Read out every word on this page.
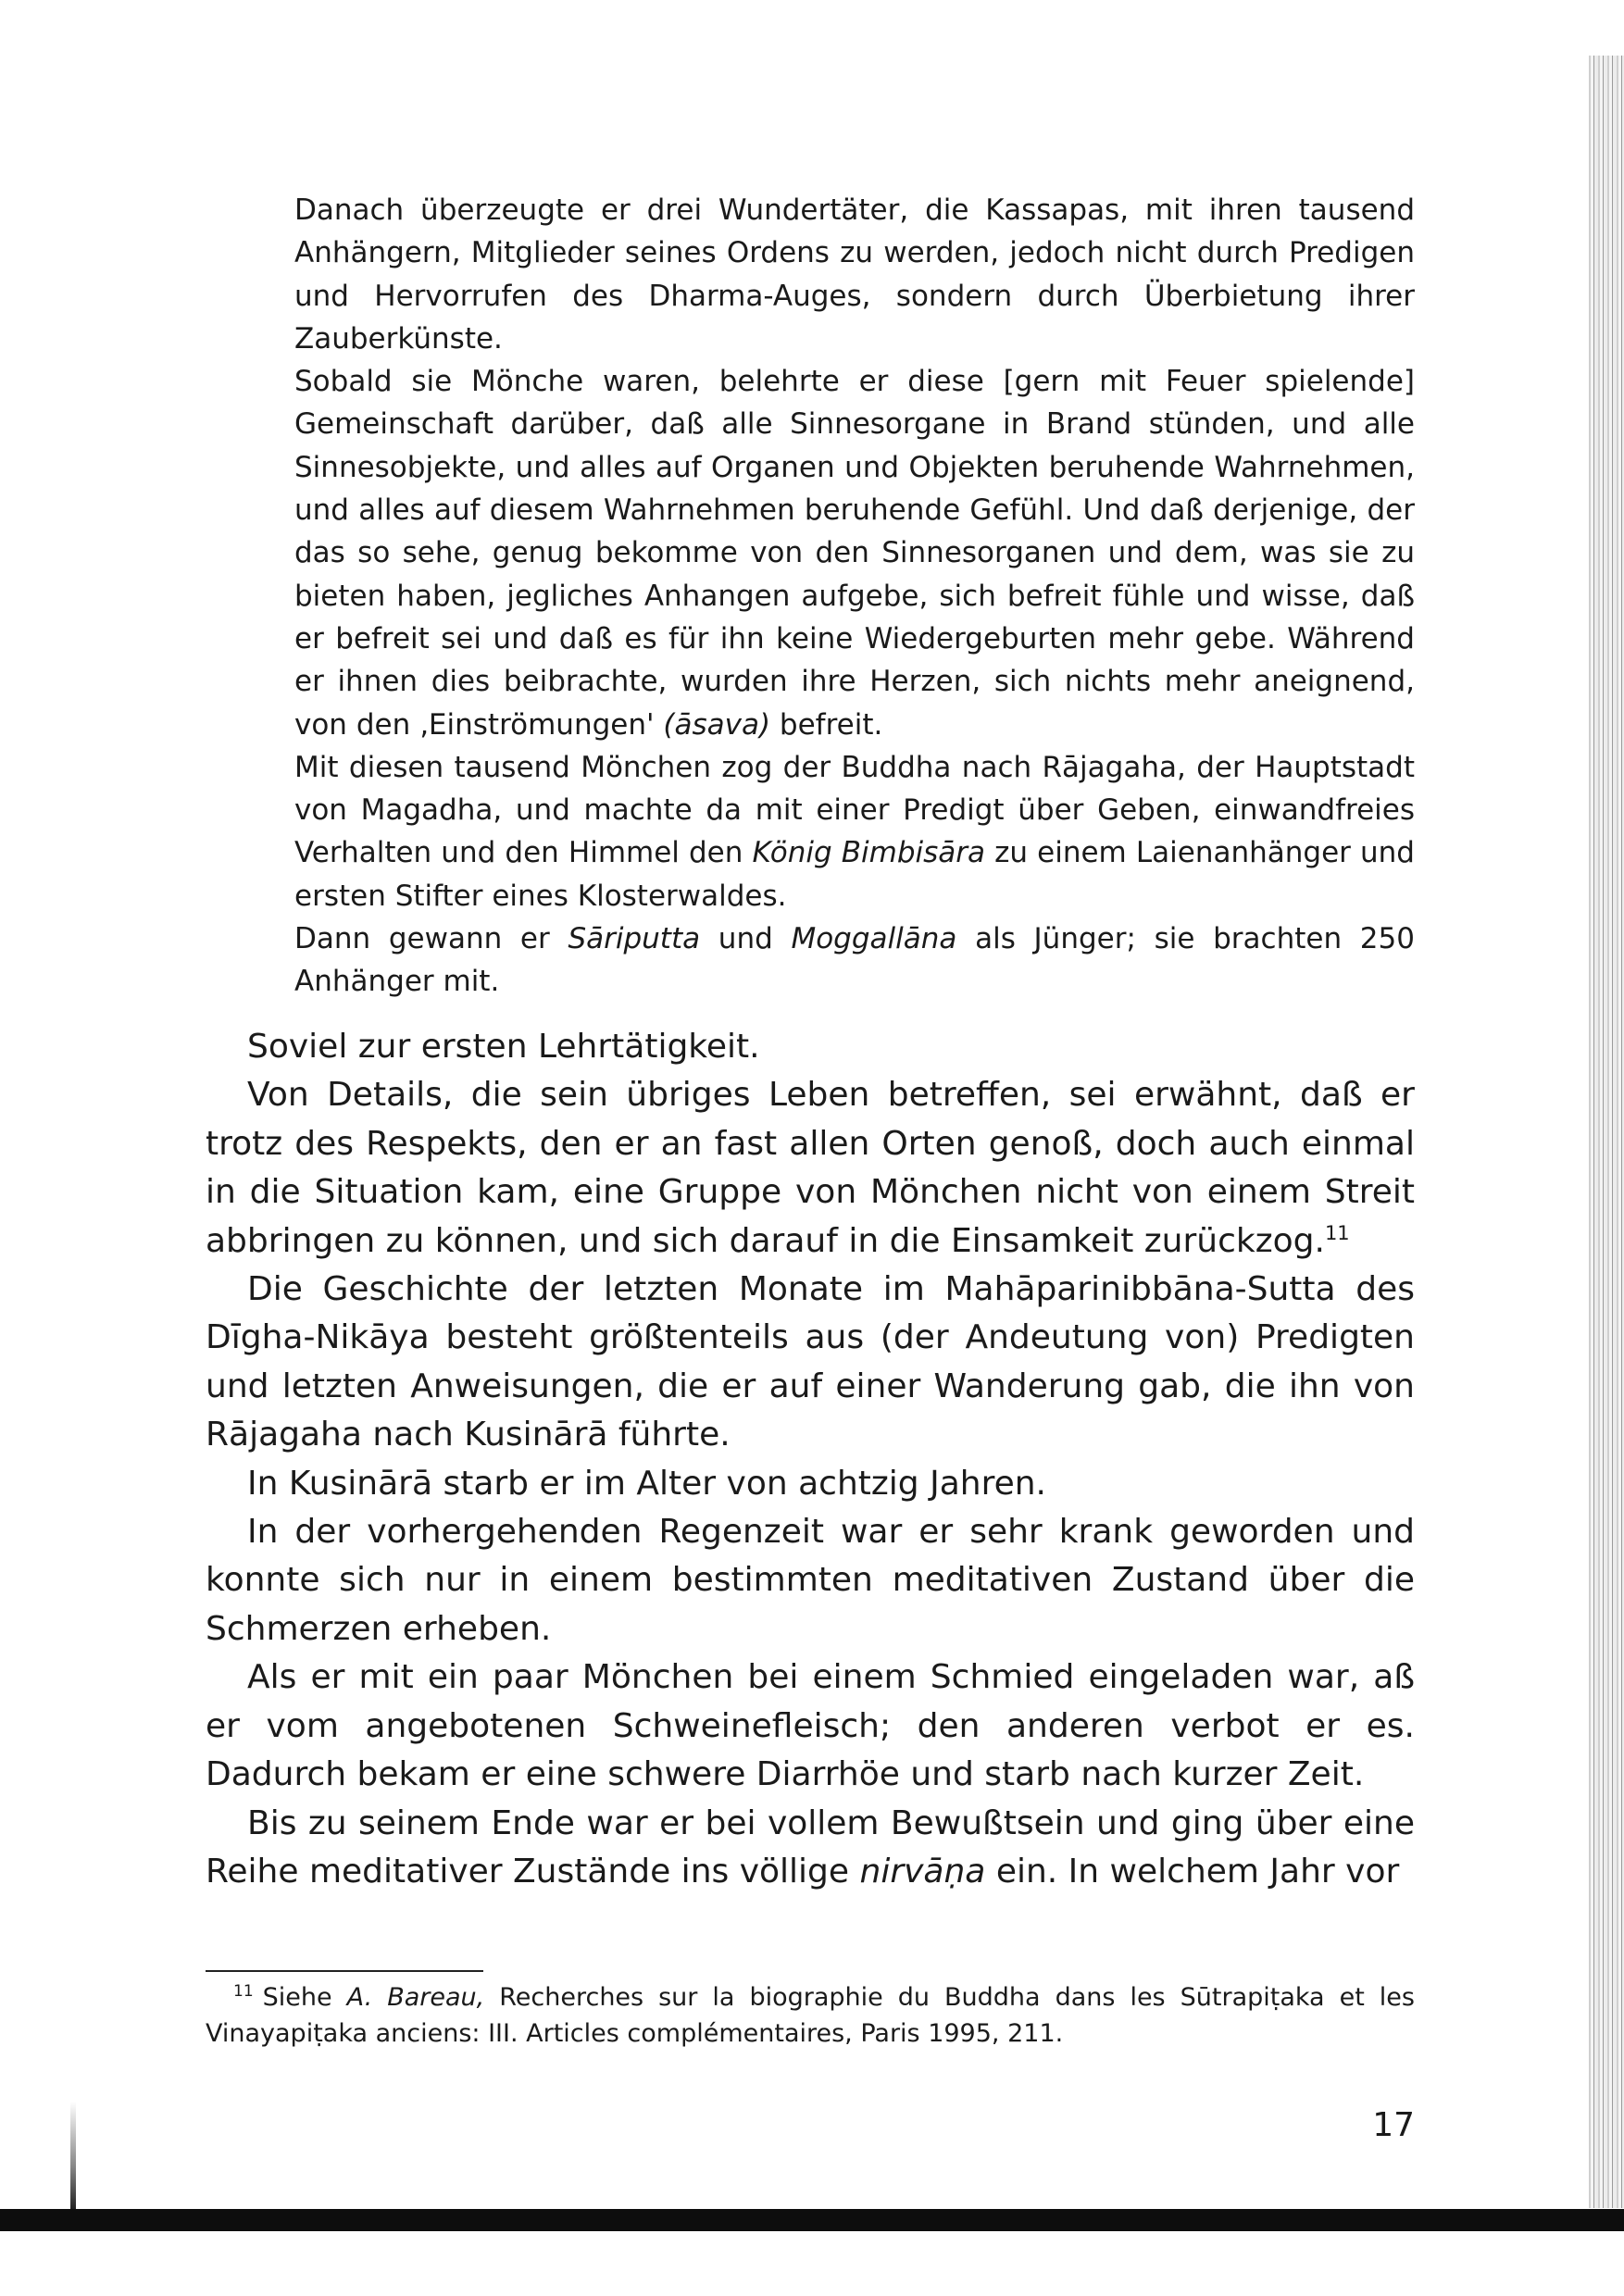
Danach überzeugte er drei Wundertäter, die Kassapas, mit ihren tausend Anhängern, Mitglieder seines Ordens zu werden, jedoch nicht durch Predigen und Hervorrufen des Dharma-Auges, sondern durch Überbietung ihrer Zauberkünste.

Sobald sie Mönche waren, belehrte er diese [gern mit Feuer spielende] Gemeinschaft darüber, daß alle Sinnesorgane in Brand stünden, und alle Sinnesobjekte, und alles auf Organen und Objekten beruhende Wahrnehmen, und alles auf diesem Wahrnehmen beruhende Gefühl. Und daß derjenige, der das so sehe, genug bekomme von den Sinnesorganen und dem, was sie zu bieten haben, jegliches Anhangen aufgebe, sich befreit fühle und wisse, daß er befreit sei und daß es für ihn keine Wiedergeburten mehr gebe. Während er ihnen dies beibrachte, wurden ihre Herzen, sich nichts mehr aneignend, von den ‚Einströmungen' (āsava) befreit.

Mit diesen tausend Mönchen zog der Buddha nach Rājagaha, der Hauptstadt von Magadha, und machte da mit einer Predigt über Geben, einwandfreies Verhalten und den Himmel den König Bimbisāra zu einem Laienanhänger und ersten Stifter eines Klosterwaldes.

Dann gewann er Sāriputta und Moggallāna als Jünger; sie brachten 250 Anhänger mit.

Soviel zur ersten Lehrtätigkeit.

Von Details, die sein übriges Leben betreffen, sei erwähnt, daß er trotz des Respekts, den er an fast allen Orten genoß, doch auch einmal in die Situation kam, eine Gruppe von Mönchen nicht von einem Streit abbringen zu können, und sich darauf in die Einsamkeit zurückzog.$^{11}$

Die Geschichte der letzten Monate im Mahāparinibbāna-Sutta des Dīgha-Nikāya besteht größtenteils aus (der Andeutung von) Predigten und letzten Anweisungen, die er auf einer Wanderung gab, die ihn von Rājagaha nach Kusinārā führte.

In Kusinārā starb er im Alter von achtzig Jahren.

In der vorhergehenden Regenzeit war er sehr krank geworden und konnte sich nur in einem bestimmten meditativen Zustand über die Schmerzen erheben.

Als er mit ein paar Mönchen bei einem Schmied eingeladen war, aß er vom angebotenen Schweinefleisch; den anderen verbot er es. Dadurch bekam er eine schwere Diarrhöe und starb nach kurzer Zeit.

Bis zu seinem Ende war er bei vollem Bewußtsein und ging über eine Reihe meditativer Zustände ins völlige nirvāṇa ein. In welchem Jahr vor

$^{11}$ Siehe A. Bareau, Recherches sur la biographie du Buddha dans les Sūtrapiṭaka et les Vinayapiṭaka anciens: III. Articles complémentaires, Paris 1995, 211.
17
